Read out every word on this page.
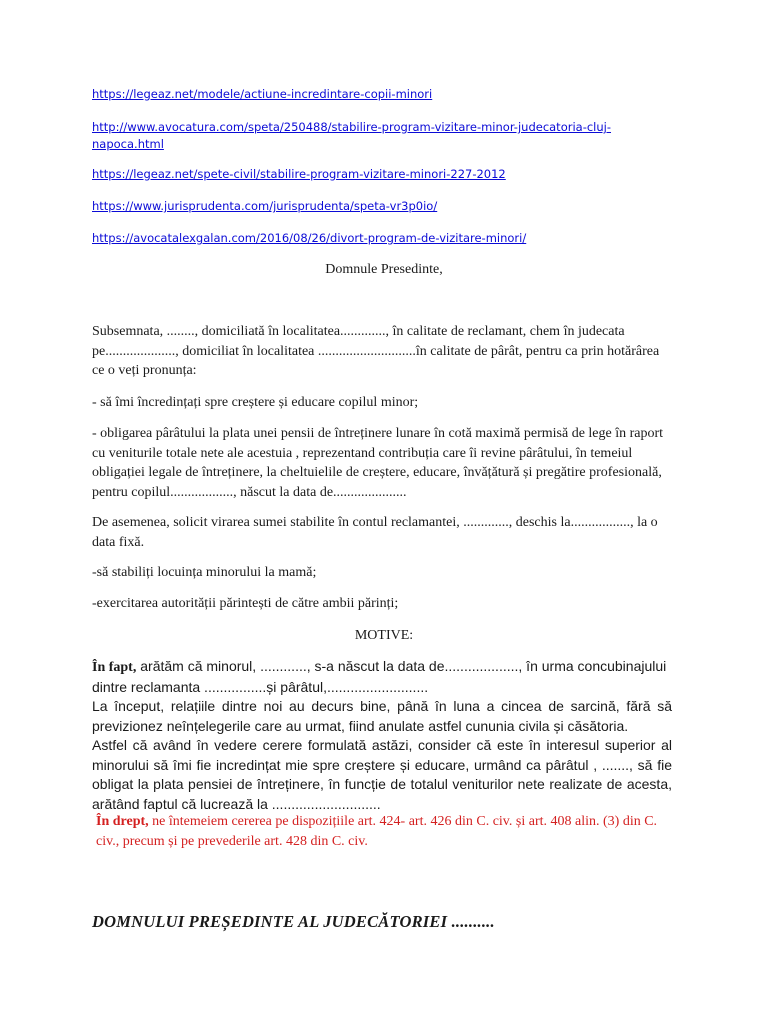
https://legeaz.net/modele/actiune-incredintare-copii-minori
http://www.avocatura.com/speta/250488/stabilire-program-vizitare-minor-judecatoria-cluj-napoca.html
https://legeaz.net/spete-civil/stabilire-program-vizitare-minori-227-2012
https://www.jurisprudenta.com/jurisprudenta/speta-vr3p0io/
https://avocatalexgalan.com/2016/08/26/divort-program-de-vizitare-minori/
Domnule Presedinte,
Subsemnata, ........, domiciliată în localitatea............., în calitate de reclamant, chem în judecata pe...................., domiciliat în localitatea ............................în calitate de pârât, pentru ca prin hotărârea ce o veți pronunța:
- să îmi încredințați spre creștere și educare copilul minor;
- obligarea pârâtului la plata unei pensii de întreținere lunare în cotă maximă permisă de lege în raport cu veniturile totale nete ale acestuia , reprezentand contribuția care îi revine pârâtului, în temeiul obligației legale de întreținere, la cheltuielile de creștere, educare, învățătură și pregătire profesională, pentru copilul.................., născut la data de.....................
De asemenea, solicit virarea sumei stabilite în contul reclamantei, ............., deschis la................., la o data fixă.
-să stabiliți locuința minorului la mamă;
-exercitarea autorității părintești de către ambii părinți;
MOTIVE:
În fapt, arătăm că minorul, ............, s-a născut la data de..................., în urma concubinajului dintre reclamanta ................și pârâtul,..........................
La început, relațiile dintre noi au decurs bine, până în luna a cincea de sarcină, fără să previzionez neînțelegerile care au urmat, fiind anulate astfel cununia civila și căsătoria.
Astfel că având în vedere cerere formulată astăzi, consider că este în interesul superior al minorului să îmi fie incredințat mie spre creștere și educare, urmând ca pârâtul , ......., să fie obligat la plata pensiei de întreținere, în funcție de totalul veniturilor nete realizate de acesta, arătând faptul că lucrează la ............................
În drept, ne întemeiem cererea pe dispozițiile art. 424- art. 426 din C. civ. și art. 408 alin. (3) din C. civ., precum și pe prevederile art. 428 din C. civ.
DOMNULUI PREȘEDINTE AL JUDECĂTORIEI ..........
